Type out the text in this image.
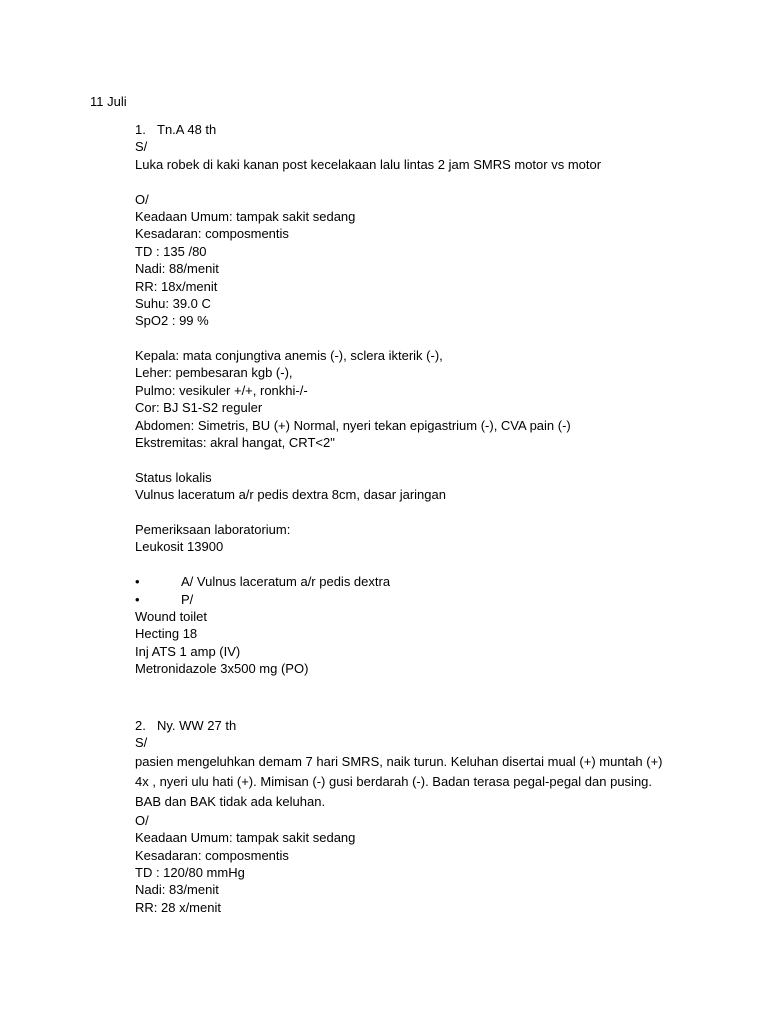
11 Juli
1. Tn.A 48 th
S/
Luka robek di kaki kanan post kecelakaan lalu lintas 2 jam SMRS motor vs motor
O/
Keadaan Umum: tampak sakit sedang
Kesadaran: composmentis
TD : 135 /80
Nadi: 88/menit
RR: 18x/menit
Suhu: 39.0 C
SpO2 : 99 %
Kepala: mata conjungtiva anemis (-), sclera ikterik (-),
Leher: pembesaran kgb (-),
Pulmo: vesikuler +/+, ronkhi-/-
Cor: BJ S1-S2 reguler
Abdomen: Simetris, BU (+) Normal, nyeri tekan epigastrium (-), CVA pain (-)
Ekstremitas: akral hangat, CRT<2"
Status lokalis
Vulnus laceratum a/r pedis dextra 8cm, dasar jaringan
Pemeriksaan laboratorium:
Leukosit 13900
•	A/ Vulnus laceratum a/r pedis dextra
•	P/
Wound toilet
Hecting 18
Inj ATS 1 amp (IV)
Metronidazole 3x500 mg (PO)
2. Ny. WW 27 th
S/
pasien mengeluhkan demam 7 hari SMRS, naik turun. Keluhan disertai mual (+) muntah (+) 4x , nyeri ulu hati (+). Mimisan (-) gusi berdarah (-). Badan terasa pegal-pegal dan pusing. BAB dan BAK tidak ada keluhan.
O/
Keadaan Umum: tampak sakit sedang
Kesadaran: composmentis
TD : 120/80 mmHg
Nadi: 83/menit
RR: 28 x/menit
